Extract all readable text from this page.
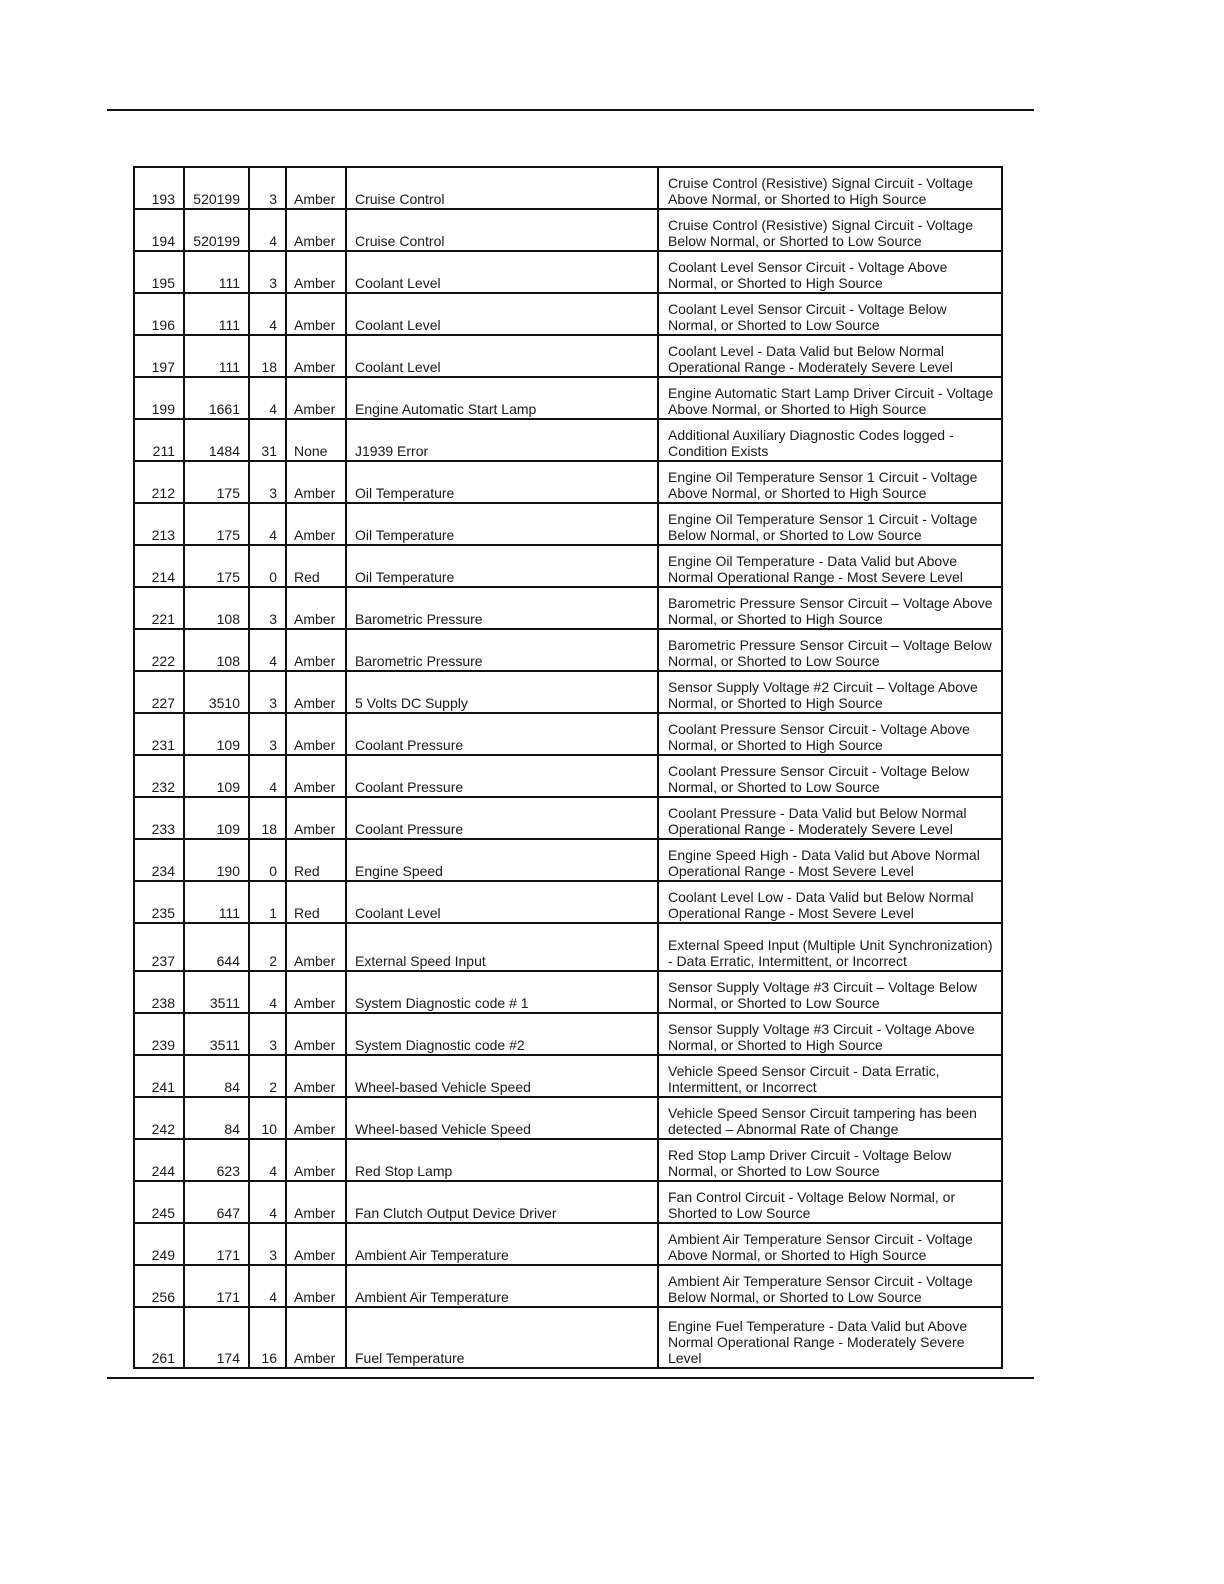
193	520199	3	Amber	Cruise Control	Cruise Control (Resistive) Signal Circuit - Voltage Above Normal, or Shorted to High Source
194	520199	4	Amber	Cruise Control	Cruise Control (Resistive) Signal Circuit - Voltage Below Normal, or Shorted to Low Source
195	111	3	Amber	Coolant Level	Coolant Level Sensor Circuit - Voltage Above Normal, or Shorted to High Source
196	111	4	Amber	Coolant Level	Coolant Level Sensor Circuit - Voltage Below Normal, or Shorted to Low Source
197	111	18	Amber	Coolant Level	Coolant Level - Data Valid but Below Normal Operational Range - Moderately Severe Level
199	1661	4	Amber	Engine Automatic Start Lamp	Engine Automatic Start Lamp Driver Circuit - Voltage Above Normal, or Shorted to High Source
211	1484	31	None	J1939 Error	Additional Auxiliary Diagnostic Codes logged - Condition Exists
212	175	3	Amber	Oil Temperature	Engine Oil Temperature Sensor 1 Circuit - Voltage Above Normal, or Shorted to High Source
213	175	4	Amber	Oil Temperature	Engine Oil Temperature Sensor 1 Circuit - Voltage Below Normal, or Shorted to Low Source
214	175	0	Red	Oil Temperature	Engine Oil Temperature - Data Valid but Above Normal Operational Range - Most Severe Level
221	108	3	Amber	Barometric Pressure	Barometric Pressure Sensor Circuit – Voltage Above Normal, or Shorted to High Source
222	108	4	Amber	Barometric Pressure	Barometric Pressure Sensor Circuit – Voltage Below Normal, or Shorted to Low Source
227	3510	3	Amber	5 Volts DC Supply	Sensor Supply Voltage #2 Circuit – Voltage Above Normal, or Shorted to High Source
231	109	3	Amber	Coolant Pressure	Coolant Pressure Sensor Circuit - Voltage Above Normal, or Shorted to High Source
232	109	4	Amber	Coolant Pressure	Coolant Pressure Sensor Circuit - Voltage Below Normal, or Shorted to Low Source
233	109	18	Amber	Coolant Pressure	Coolant Pressure - Data Valid but Below Normal Operational Range - Moderately Severe Level
234	190	0	Red	Engine Speed	Engine Speed High - Data Valid but Above Normal Operational Range - Most Severe Level
235	111	1	Red	Coolant Level	Coolant Level Low - Data Valid but Below Normal Operational Range - Most Severe Level
237	644	2	Amber	External Speed Input	External Speed Input (Multiple Unit Synchronization) - Data Erratic, Intermittent, or Incorrect
238	3511	4	Amber	System Diagnostic code # 1	Sensor Supply Voltage #3 Circuit – Voltage Below Normal, or Shorted to Low Source
239	3511	3	Amber	System Diagnostic code #2	Sensor Supply Voltage #3 Circuit - Voltage Above Normal, or Shorted to High Source
241	84	2	Amber	Wheel-based Vehicle Speed	Vehicle Speed Sensor Circuit - Data Erratic, Intermittent, or Incorrect
242	84	10	Amber	Wheel-based Vehicle Speed	Vehicle Speed Sensor Circuit tampering has been detected – Abnormal Rate of Change
244	623	4	Amber	Red Stop Lamp	Red Stop Lamp Driver Circuit - Voltage Below Normal, or Shorted to Low Source
245	647	4	Amber	Fan Clutch Output Device Driver	Fan Control Circuit - Voltage Below Normal, or Shorted to Low Source
249	171	3	Amber	Ambient Air Temperature	Ambient Air Temperature Sensor Circuit - Voltage Above Normal, or Shorted to High Source
256	171	4	Amber	Ambient Air Temperature	Ambient Air Temperature Sensor Circuit - Voltage Below Normal, or Shorted to Low Source
261	174	16	Amber	Fuel Temperature	Engine Fuel Temperature - Data Valid but Above Normal Operational Range - Moderately Severe Level
